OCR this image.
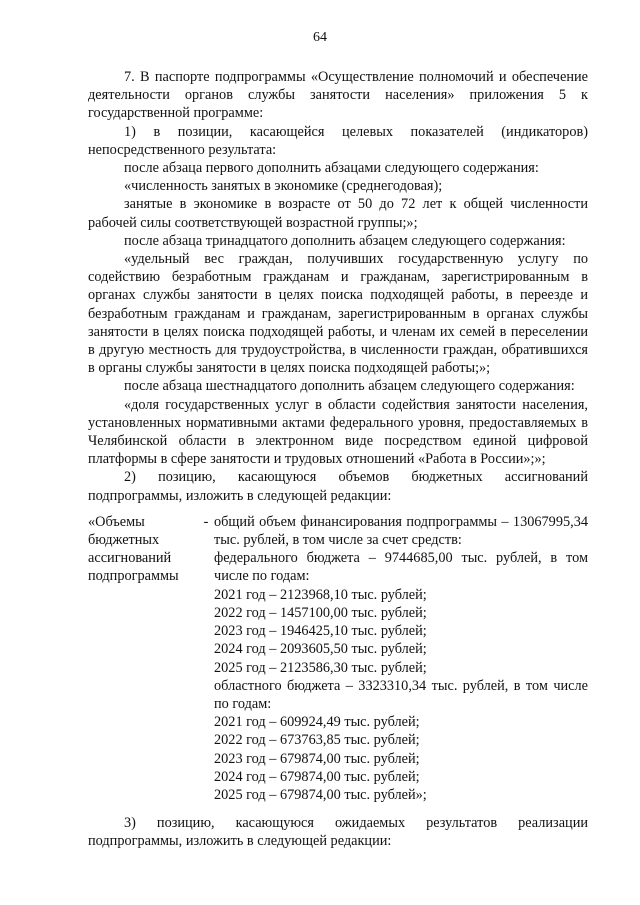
64

7. В паспорте подпрограммы «Осуществление полномочий и обеспечение деятельности органов службы занятости населения» приложения 5 к государственной программе:

1) в позиции, касающейся целевых показателей (индикаторов) непосредственного результата:

после абзаца первого дополнить абзацами следующего содержания:

«численность занятых в экономике (среднегодовая);

занятые в экономике в возрасте от 50 до 72 лет к общей численности рабочей силы соответствующей возрастной группы;»;

после абзаца тринадцатого дополнить абзацем следующего содержания:

«удельный вес граждан, получивших государственную услугу по содействию безработным гражданам и гражданам, зарегистрированным в органах службы занятости в целях поиска подходящей работы, в переезде и безработным гражданам и гражданам, зарегистрированным в органах службы занятости в целях поиска подходящей работы, и членам их семей в переселении в другую местность для трудоустройства, в численности граждан, обратившихся в органы службы занятости в целях поиска подходящей работы;»;

после абзаца шестнадцатого дополнить абзацем следующего содержания:

«доля государственных услуг в области содействия занятости населения, установленных нормативными актами федерального уровня, предоставляемых в Челябинской области в электронном виде посредством единой цифровой платформы в сфере занятости и трудовых отношений «Работа в России»;»;

2) позицию, касающуюся объемов бюджетных ассигнований подпрограммы, изложить в следующей редакции:

«Объемы бюджетных ассигнований подпрограммы
- общий объем финансирования подпрограммы – 13067995,34 тыс. рублей, в том числе за счет средств:
федерального бюджета – 9744685,00 тыс. рублей, в том числе по годам:
2021 год – 2123968,10 тыс. рублей;
2022 год – 1457100,00 тыс. рублей;
2023 год – 1946425,10 тыс. рублей;
2024 год – 2093605,50 тыс. рублей;
2025 год – 2123586,30 тыс. рублей;
областного бюджета – 3323310,34 тыс. рублей, в том числе по годам:
2021 год – 609924,49 тыс. рублей;
2022 год – 673763,85 тыс. рублей;
2023 год – 679874,00 тыс. рублей;
2024 год – 679874,00 тыс. рублей;
2025 год – 679874,00 тыс. рублей»;

3) позицию, касающуюся ожидаемых результатов реализации подпрограммы, изложить в следующей редакции:
